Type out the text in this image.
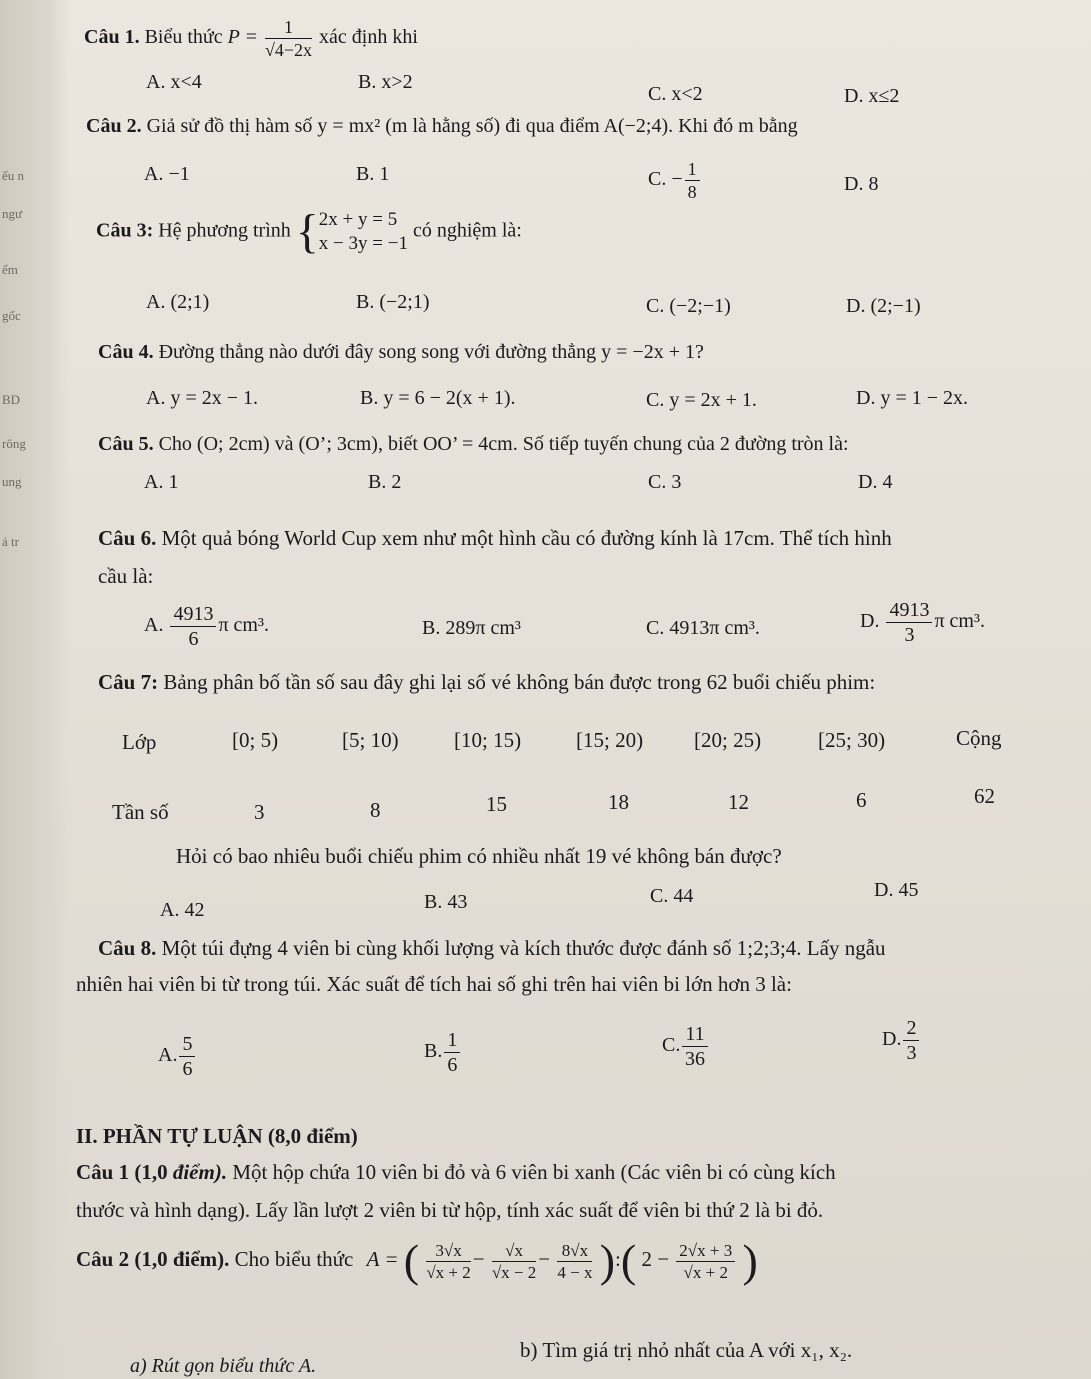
ếu n
ngư
ểm
gốc
BD
rông
ung
á tr
Câu 1. Biểu thức $P = \frac{1}{√4-2x}$ xác định khi
A. x<4	B. x>2
C. x<2	D. x≤2
Câu 2. Giả sử đồ thị hàm số y = mx² (m là hằng số) đi qua điểm A(−2;4). Khi đó m bằng
A. −1	B. 1	C. − $\frac{1}{8}$	D. 8
Câu 3: Hệ phương trình { 2x + y = 5
x − 3y = −1
có nghiệm là:
A. (2;1)	B. (−2;1)	C. (−2;−1)	D. (2;−1)
Câu 4. Đường thẳng nào dưới đây song song với đường thẳng y = −2x + 1?
A. y = 2x − 1.	B. y = 6 − 2(x + 1).	C. y = 2x + 1.	D. y = 1 − 2x.
Câu 5. Cho (O; 2cm) và (O’; 3cm), biết OO’ = 4cm. Số tiếp tuyến chung của 2 đường tròn là:
A. 1	B. 2	C. 3	D. 4
Câu 6. Một quả bóng World Cup xem như một hình cầu có đường kính là 17cm. Thể tích hình
cầu là:
A. $\frac{4913}{6}$ π cm³.	B. 289π cm³	C. 4913π cm³.	D. $\frac{4913}{3}$ π cm³.
Câu 7: Bảng phân bố tần số sau đây ghi lại số vé không bán được trong 62 buổi chiếu phim:
Lớp	[0; 5)	[5; 10)	[10; 15)	[15; 20) [20; 25)	[25; 30)	Cộng
Tần số	3	8	15	18	12	6	62
Hỏi có bao nhiêu buổi chiếu phim có nhiều nhất 19 vé không bán được?
A. 42	B. 43	C. 44	D. 45
Câu 8. Một túi đựng 4 viên bi cùng khối lượng và kích thước được đánh số 1;2;3;4. Lấy ngẫu
nhiên hai viên bi từ trong túi. Xác suất để tích hai số ghi trên hai viên bi lớn hơn 3 là:
A. $\frac{5}{6}$	B. $\frac{1}{6}$	C. $\frac{11}{36}$	D. $\frac{2}{3}$
II. PHẦN TỰ LUẬN (8,0 điểm)
Câu 1 (1,0 điểm). Một hộp chứa 10 viên bi đỏ và 6 viên bi xanh (Các viên bi có cùng kích
thước và hình dạng). Lấy lần lượt 2 viên bi từ hộp, tính xác suất để viên bi thứ 2 là bi đỏ.
Câu 2 (1,0 điểm). Cho biểu thức A = ( $\frac{3√x}{√x + 2} - \frac{√x}{√x - 2} - \frac{8√x}{4 - x}$ ):( $2 - \frac{2√x + 3}{√x + 2}$ )
a) Rút gọn biểu thức A.
b) Tìm giá trị nhỏ nhất của A với x₁, x₂.
